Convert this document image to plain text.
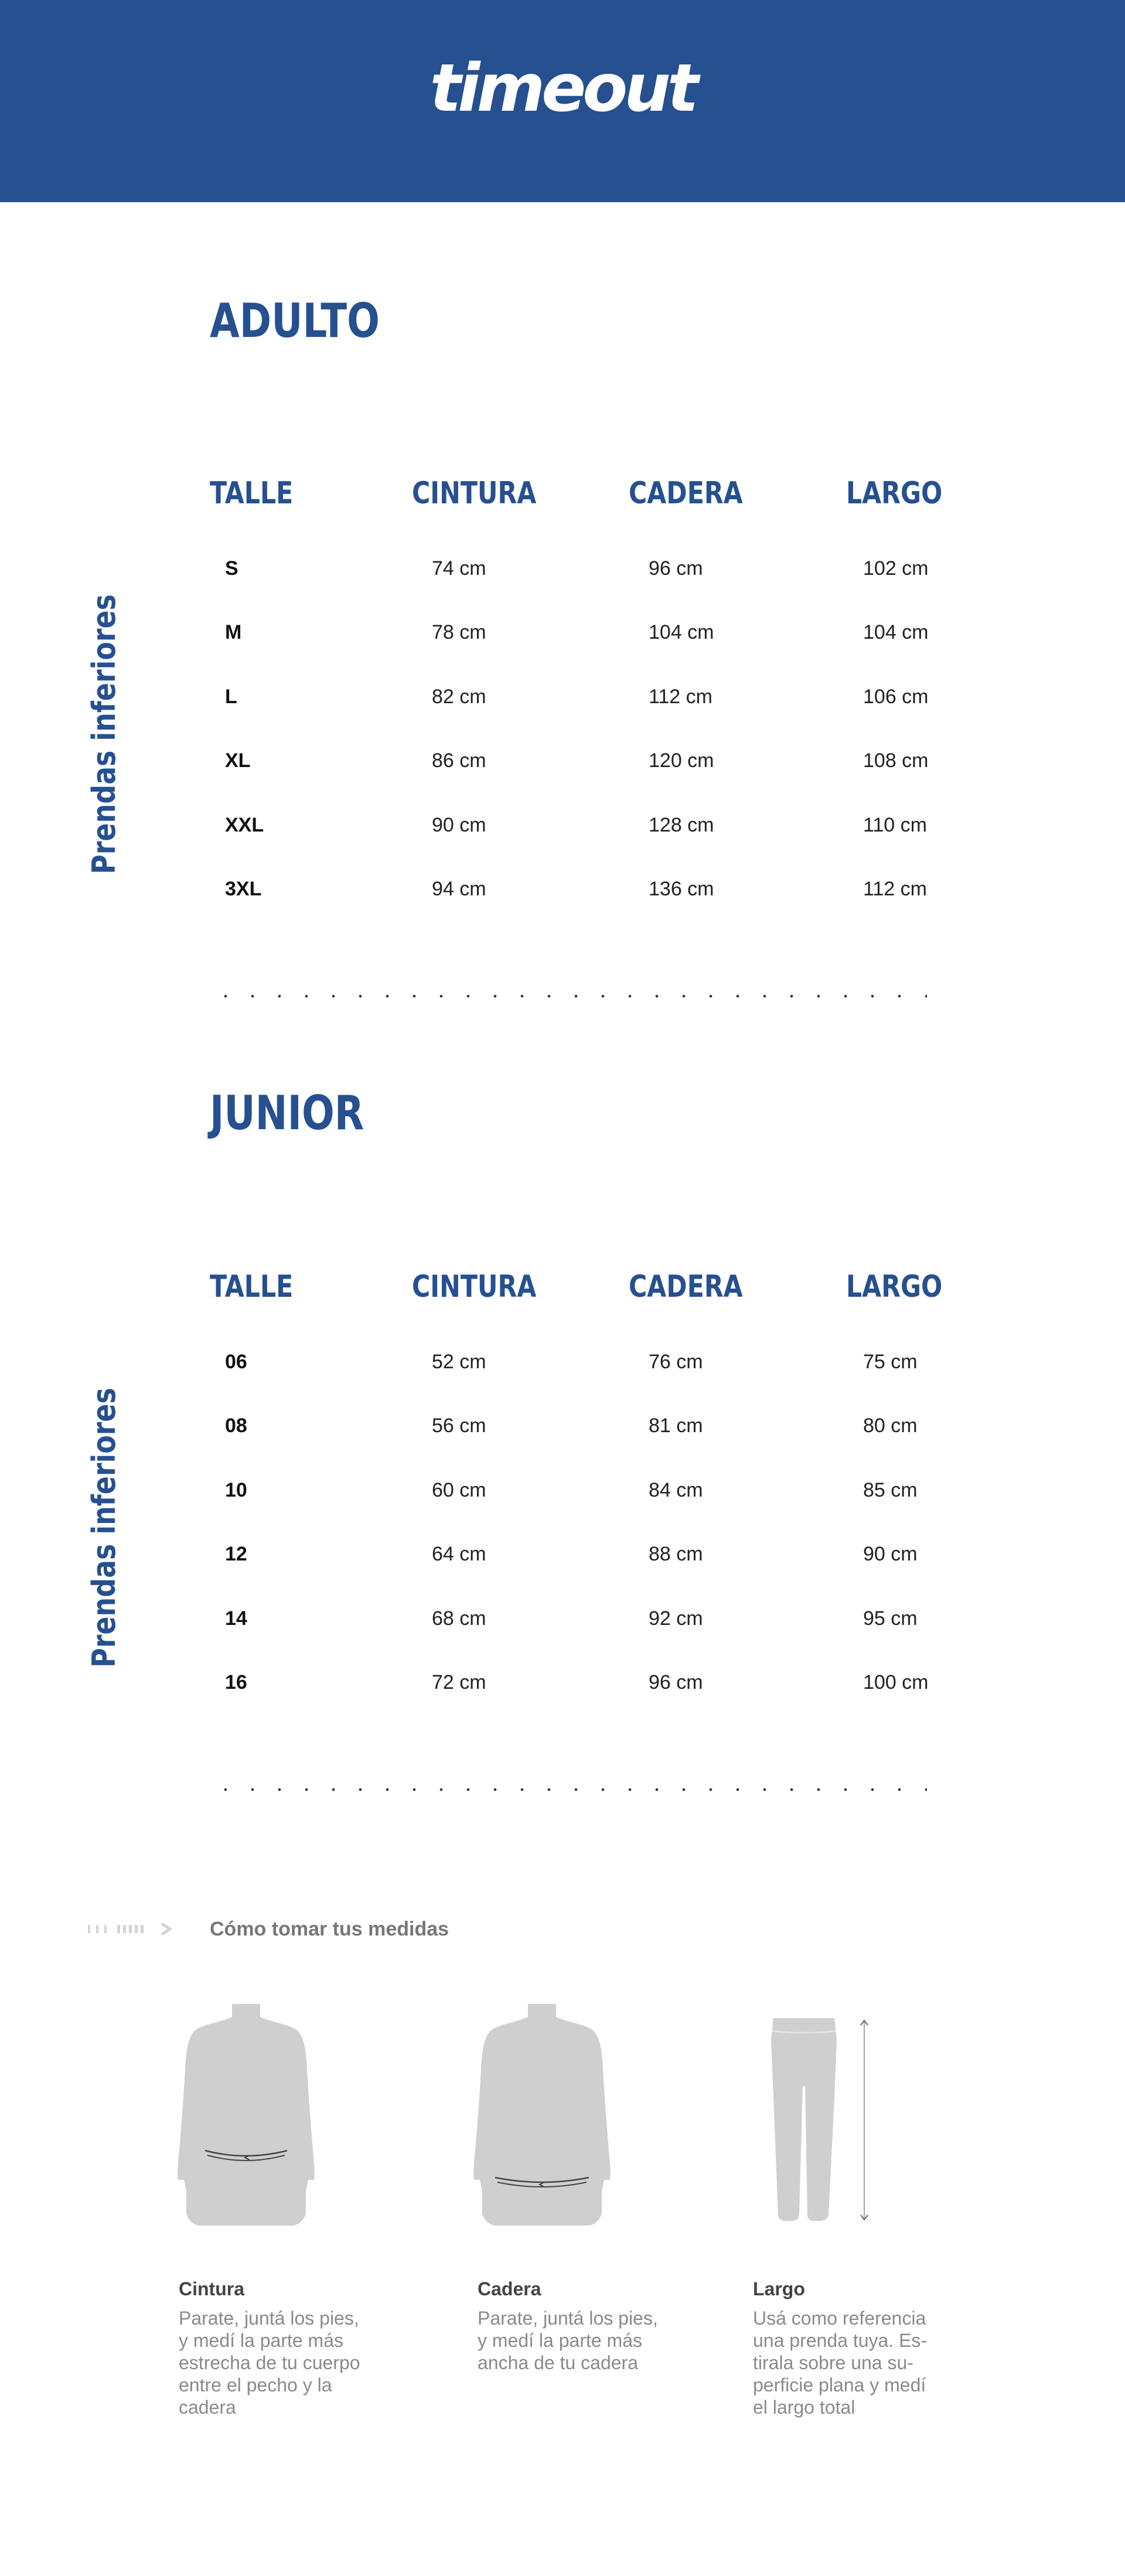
timeout
ADULTO
Prendas inferiores
TALLE	CINTURA	CADERA	LARGO
S	74 cm	96 cm	102 cm
M	78 cm	104 cm	104 cm
L	82 cm	112 cm	106 cm
XL	86 cm	120 cm	108 cm
XXL	90 cm	128 cm	110 cm
3XL	94 cm	136 cm	112 cm
JUNIOR
Prendas inferiores
TALLE	CINTURA	CADERA	LARGO
06	52 cm	76 cm	75 cm
08	56 cm	81 cm	80 cm
10	60 cm	84 cm	85 cm
12	64 cm	88 cm	90 cm
14	68 cm	92 cm	95 cm
16	72 cm	96 cm	100 cm
Cómo tomar tus medidas
Cintura
Parate, juntá los pies,
y medí la parte más
estrecha de tu cuerpo
entre el pecho y la
cadera
Cadera
Parate, juntá los pies,
y medí la parte más
ancha de tu cadera
Largo
Usá como referencia
una prenda tuya. Es-
tirala sobre una su-
perficie plana y medí
el largo total
